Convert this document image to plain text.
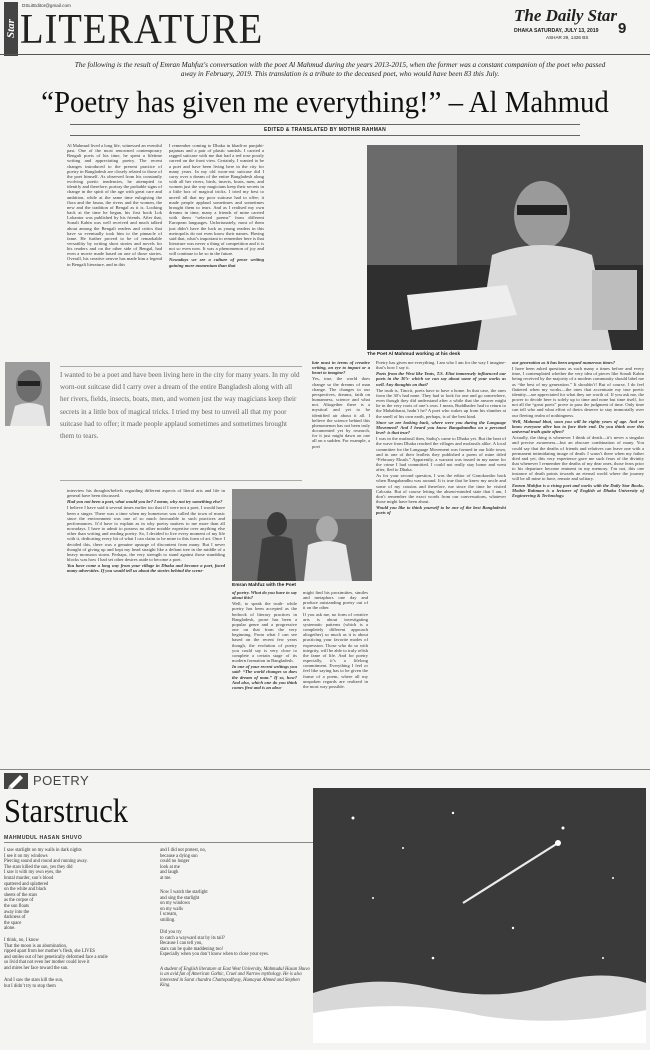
Star
DSLitEditor@gmail.com
LITERATURE	The Daily Star
DHAKA SATURDAY, JULY 13, 2019
ASHAR 29, 1426 BS
9
The following is the result of Emran Mahfuz's conversation with the poet Al Mahmud during the years 2013-2015, when the former was a constant companion of the poet who passed away in February, 2019. This translation is a tribute to the deceased poet, who would have been 83 this July.
“Poetry has given me everything!” – Al Mahmud
EDITED & TRANSLATED BY MOTHIR RAHMAN

Al Mahmud lived a long life, witnessed an eventful past. One of the most renowned contemporary Bengali poets of his time, he spent a lifetime writing and appreciating poetry. The recent changes introduced to the present practice of poetry in Bangladesh are closely related to those of the poet himself. As observed from his constantly evolving poetic tendencies, he attempted to identify and therefore, portray the probable signs of change in the spirit of the age with great care and ambition, while at the same time eulogising the flora and the fauna, the rivers and the women, the new and the tradition of Bengal as it is. Looking back at the time he began, his first book Lok Lokantor was published by his friends. After that, Sonali Kabin was well received and much talked about among the Bengali readers and critics that have so eventually took him to the pinnacle of fame. He further proved to be of remarkable versatility by writing short stories and novels for his readers and on the other side of Bengal, had even a movie made based on one of those stories. Overall, his creative oeuvre has made him a legend in Bengali literature, and in this

I remember coming to Dhaka in khadi-ar punjabi-pajamas and a pair of plastic sandals. I carried a ragged suitcase with me that had a red rose poorly carved on the front view. Certainly, I wanted to be a poet and have been living here in the city for many years. In my old worn-out suitcase did I carry over a dream of the entire Bangladesh along with all her rivers, birds, insects, boats, men, and women just the way magicians keep their secrets in a little box of magical tricks. I tried my best to unveil all that my poor suitcase had to offer; it made people applaud sometimes and sometimes brought them to tears. And as I realised my own dreams in time, many a friends of mine carried with them “selected poems” from different European languages. Unfortunately, most of them just didn’t have the luck as young readers in this metropolis do not even know their names. Having said that, what’s important to remember here is that literature was never a thing of competition and it is not so even now. It was a phenomenon of joy and will continue to be so in the future.

Nowadays we see a culture of prose writing gaining more momentum than that

interview his thoughts/beliefs regarding different aspects of literal arts and life in general have been discussed.

Had you not been a poet, what would you be? I mean, why not try something else?

I believe I have said it several times earlier too that if I were not a poet, I would have been a singer. There was a time when my hometown was called the town of music since the environment was one of so much favourable to such practices and performances. It’d have to explain as in why poetry matters to me more than all nowadays. I have to admit to possess no other notable expertise over anything else other than writing and reading poetry. So, I decided to live every moment of my life with it, dedicating every bit of what I can claim to be mine to this form of art. Once I decided this, there was a genuine upsurge of discontent from many. But I never thought of giving up and kept my head straight like a defiant tree in the middle of a heavy monsoon storm. Perhaps, the very strength to stand against those stumbling blocks was how I had set other desires aside to become a poet.

You have come a long way from your village in Dhaka and become a poet, faced many adversities. If you would tell us about the stories behind the scene-

of poetry. What do you have to say about this?

Well, to speak the truth- while poetry has been accepted as the bedrock of literary practices in Bangladesh, prose has been a popular genre and a progressive one on that from the very beginning. From what I can see based on the recent few years though, the evolution of poetry you could say is very close to complete a certain stage of its modern formation in Bangladesh.

In one of your recent writings you said- “The world changes so does the dream of man.” If so, how? And also, which one do you think comes first and is an abso-

might find his proximities, similes and metaphors one day and produce outstanding poetry out of it on the other.

If you ask me, no form of creative arts is about investigating systematic patterns (which is a completely different approach altogether) so much as it is about practicing your favorite modes of expression. Those who do so with integrity, will be able to truly relish the fame of life. And for poetry especially, it’s a lifelong commitment. Everything I feel or feel like saying has to be given the frame of a poem, where all my unspoken regards are realized in the most way possible.

lute must in terms of creative writing, an eye to impact or a heart to imagine?

Yes, true, the world does change so the dreams of man change. The changes to our perspectives, dreams, faith on humanness, science and what not. Altogether there is a mystical and yet to be identified air about it all. I believe the science behind this phenomenon has not been truly documented yet by research, for it just might dawn on one all on a sudden. For example, a poet

Poetry has given me everything. I am who I am for the way I imagine- that’s how I say it.

Poets from the West like Yeats, T.S. Eliot immensely influenced our poets in the 30’s- which we can say about some of your works as well. Any thoughts on that?

The truth is, Tincrit, poets have to have a home. In that case, the ones from the 30’s had none. They had to look for one and go somewhere, even though they did understand after a while that the answer might lie in the very roots of one’s own. I mean, Buddhadev had to return to the Mahabharat, hadn’t he? A poet who wakes up from his slumber at the smell of his own earth, perhaps, is of the best kind.

Since we are looking back, where were you during the Language Movement? And I heard you know Bangabandhu on a personal level- is that true?

I was in the mufassil then, Sadiq’s came to Dhaka yet. But the heat of the wave from Dhaka reached the villages and mofassils alike. A local committee for the Language Movement was formed in our little town, and in one of their leaflets they published a poem of mine titled “February Ekush.” Apparently, a warrant was issued in my name for the crime I had committed. I could not really stay home and went after, fled to Dhaka.

As for your second question, I was the editor of Gonokontho back when Bangabandhu was around. It is true that he knew my uncle and some of my cousins and therefore, me since the time he visited Calcutta. But of course letting the absent-minded state that I am, I don’t remember the exact words from our conversations, whatever those might have been about.

Would you like to think yourself to be one of the best Bangladeshi poets of

our generation as it has been argued numerous times?

I have been asked questions as such many a times before and every time, I contemplated whether the very idea of pieces like Sonali Kabin being received by the majority of a modern community should label me as “the best of my generation.” It shouldn’t! But of course, I do feel flattered when my works—the ones that accentuate my true poetic identity—are appreciated for what they are worth of. If you ask me, the power to decide here is solely up to time and none but time itself, for not all the “great poets” prove to pass the judgment of time. Only time can tell who and what effort of theirs deserve to stay immortally over our fleeting realm of nothingness.

Well, Mahmud bhai, soon you will be eighty years of age. And we know everyone alive has to face their end. Do you think over this universal truth quite often?

Actually, the thing is whenever I think of death—it’s never a singular and precise awareness—but an obscure combination of many. You could say that the deaths of friends and relatives can leave one with a permanent intimidating image of death. I wasn’t there when my father died and yet, this very experience gave me such fears of the divinity that whenever I remember the deaths of my dear ones, those fears prior to his departure become eminent in my memory. I’m not, this one instance of death points towards an eternal world where the journey will be all mine to have, remote and solitary.

Emran Mahfuz is a rising poet and works with the Daily Star Books. Mothir Rahman is a lecturer of English at Dhaka University of Engineering & Technology.

The Poet Al Mahmud working at his desk
I wanted to be a poet and have been living here in the city for many years. In my old worn-out suitcase did I carry over a dream of the entire Bangladesh along with all her rivers, fields, insects, boats, men, and women just the way magicians keep their secrets in a little box of magical tricks. I tried my best to unveil all that my poor suitcase had to offer; it made people applaud sometimes and sometimes brought them to tears.
Emran Mahfuz with the Poet
POETRY
Starstruck
MAHMUDUL HASAN SHUVO
I saw starlight on my walls in dark nights
I see it on my windows
Piercing sound and round and running away.
The stars killed the sun, yes they did
I saw it with my own eyes, the
brutal murder, sun’s blood
spattered and splattered
on the white and black
sheets of the stars
as the corpse of
the sun floats
away into the
darkness of
the space
alone.
I think, no, I know
That the moon is an abomination,
ripped apart from her mother’s flesh, she LIVES
and smiles out of her genetically deformed face a smile
so livid that not even her mother could love it
and mires her face toward the sun.
And I saw the stars kill the sun,
but I didn’t try to stop them
and I did not protest, no,
because a dying sun
could no longer
look at me
and laugh
at me.
Now I watch the starlight
and sing the starlight
on my windows
on my walls
I scream,
smiling.
Did you try
to catch a wayward star by its tail?
Because I can tell you,
stars can be quite maddening too!
Especially when you don’t know when to close your eyes.
A student of English literature at East West University, Mahmudul Hasan Shuvo is an avid fan of American Gothic, Cruel and Narrow mythology. He is also interested in Sarat chandra Chattopadhyay, Humayun Ahmed and Stephen King.
